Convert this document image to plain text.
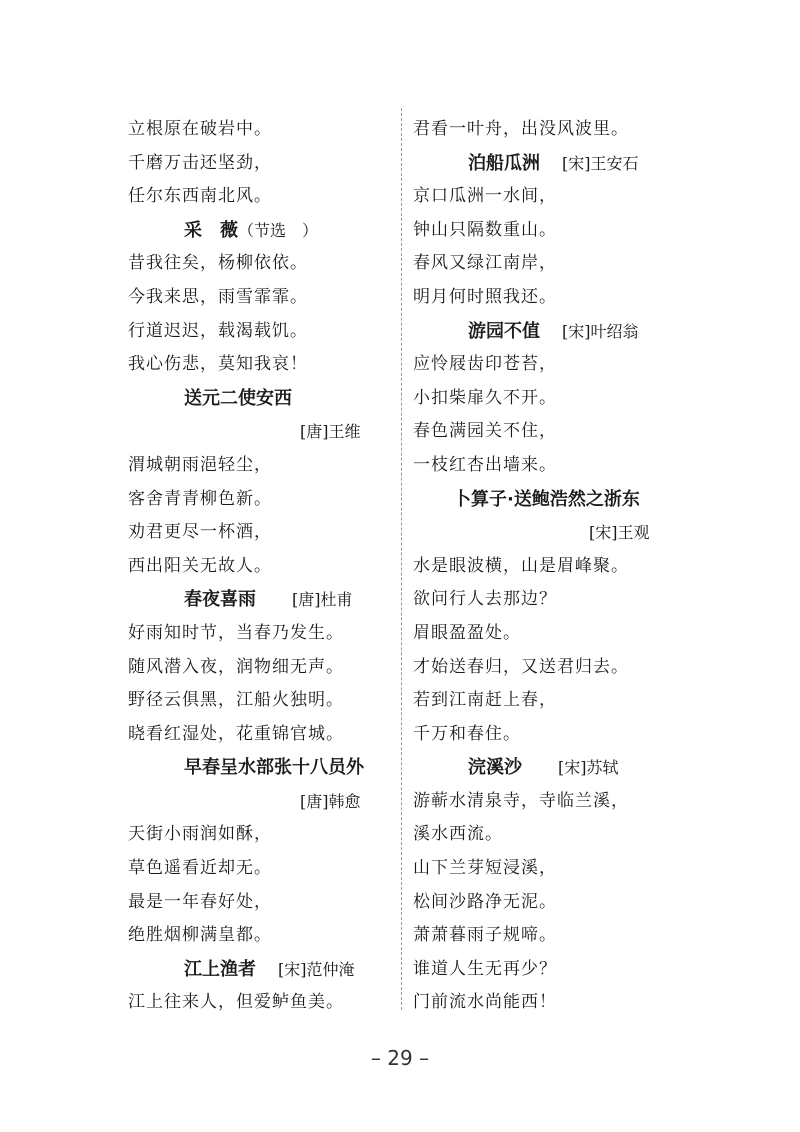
立根原在破岩中。
千磨万击还坚劲，
任尔东西南北风。
采　薇（节选　）
昔我往矣，杨柳依依。
今我来思，雨雪霏霏。
行道迟迟，载渴载饥。
我心伤悲，莫知我哀！
送元二使安西
[唐]王维
渭城朝雨浥轻尘，
客舍青青柳色新。
劝君更尽一杯酒，
西出阳关无故人。
春夜喜雨 [唐]杜甫
好雨知时节，当春乃发生。
随风潜入夜，润物细无声。
野径云俱黑，江船火独明。
晓看红湿处，花重锦官城。
早春呈水部张十八员外
[唐]韩愈
天街小雨润如酥，
草色遥看近却无。
最是一年春好处，
绝胜烟柳满皇都。
江上渔者 [宋]范仲淹
江上往来人，但爱鲈鱼美。
君看一叶舟，出没风波里。
泊船瓜洲 [宋]王安石
京口瓜洲一水间，
钟山只隔数重山。
春风又绿江南岸，
明月何时照我还。
游园不值 [宋]叶绍翁
应怜屐齿印苍苔，
小扣柴扉久不开。
春色满园关不住，
一枝红杏出墙来。
卜算子·送鲍浩然之浙东
[宋]王观
水是眼波横，山是眉峰聚。
欲问行人去那边？
眉眼盈盈处。
才始送春归，又送君归去。
若到江南赶上春，
千万和春住。
浣溪沙 [宋]苏轼
游蕲水清泉寺，寺临兰溪，
溪水西流。
山下兰芽短浸溪，
松间沙路净无泥。
萧萧暮雨子规啼。
谁道人生无再少？
门前流水尚能西！
– 29 –
